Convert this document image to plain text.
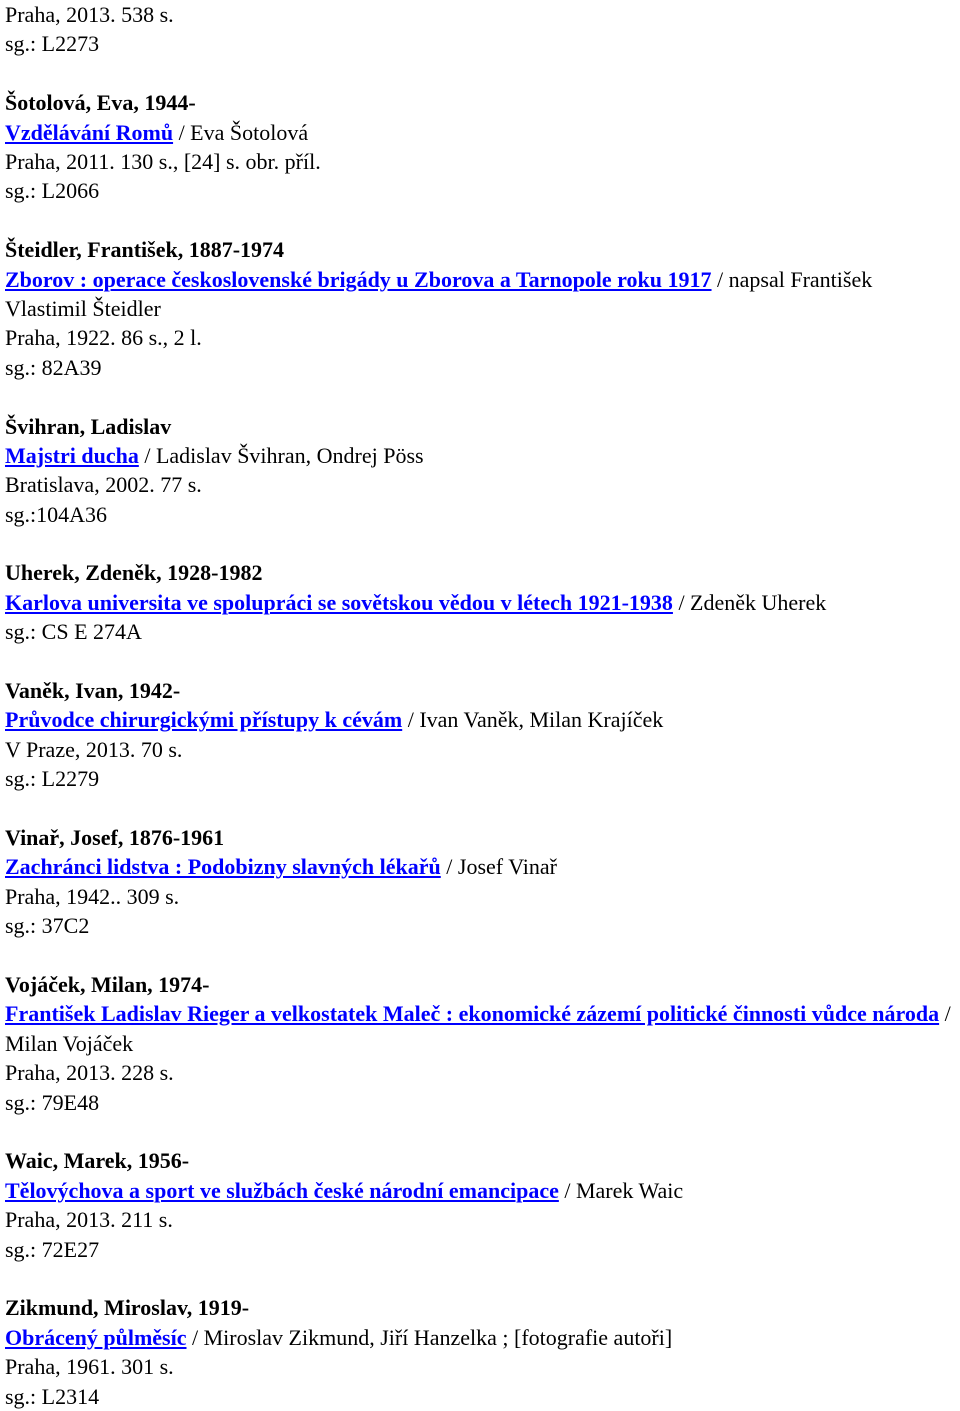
Praha, 2013. 538 s.
sg.: L2273
Šotolová, Eva, 1944-
Vzdělávání Romů / Eva Šotolová
Praha, 2011. 130 s., [24] s. obr. příl.
sg.: L2066
Šteidler, František, 1887-1974
Zborov : operace československé brigády u Zborova a Tarnopole roku 1917 / napsal František Vlastimil Šteidler
Praha, 1922. 86 s., 2 l.
sg.: 82A39
Švihran, Ladislav
Majstri ducha / Ladislav Švihran, Ondrej Pöss
Bratislava, 2002. 77 s.
sg.:104A36
Uherek, Zdeněk, 1928-1982
Karlova universita ve spolupráci se sovětskou vědou v létech 1921-1938 / Zdeněk Uherek
sg.: CS E 274A
Vaněk, Ivan, 1942-
Průvodce chirurgickými přístupy k cévám / Ivan Vaněk, Milan Krajíček
V Praze, 2013. 70 s.
sg.: L2279
Vinař, Josef, 1876-1961
Zachránci lidstva : Podobizny slavných lékařů / Josef Vinař
Praha, 1942.. 309 s.
sg.: 37C2
Vojáček, Milan, 1974-
František Ladislav Rieger a velkostatek Maleč : ekonomické zázemí politické činnosti vůdce národa / Milan Vojáček
Praha, 2013. 228 s.
sg.: 79E48
Waic, Marek, 1956-
Tělovýchova a sport ve službách české národní emancipace / Marek Waic
Praha, 2013. 211 s.
sg.: 72E27
Zikmund, Miroslav, 1919-
Obrácený půlměsíc / Miroslav Zikmund, Jiří Hanzelka ; [fotografie autoři]
Praha, 1961. 301 s.
sg.: L2314
